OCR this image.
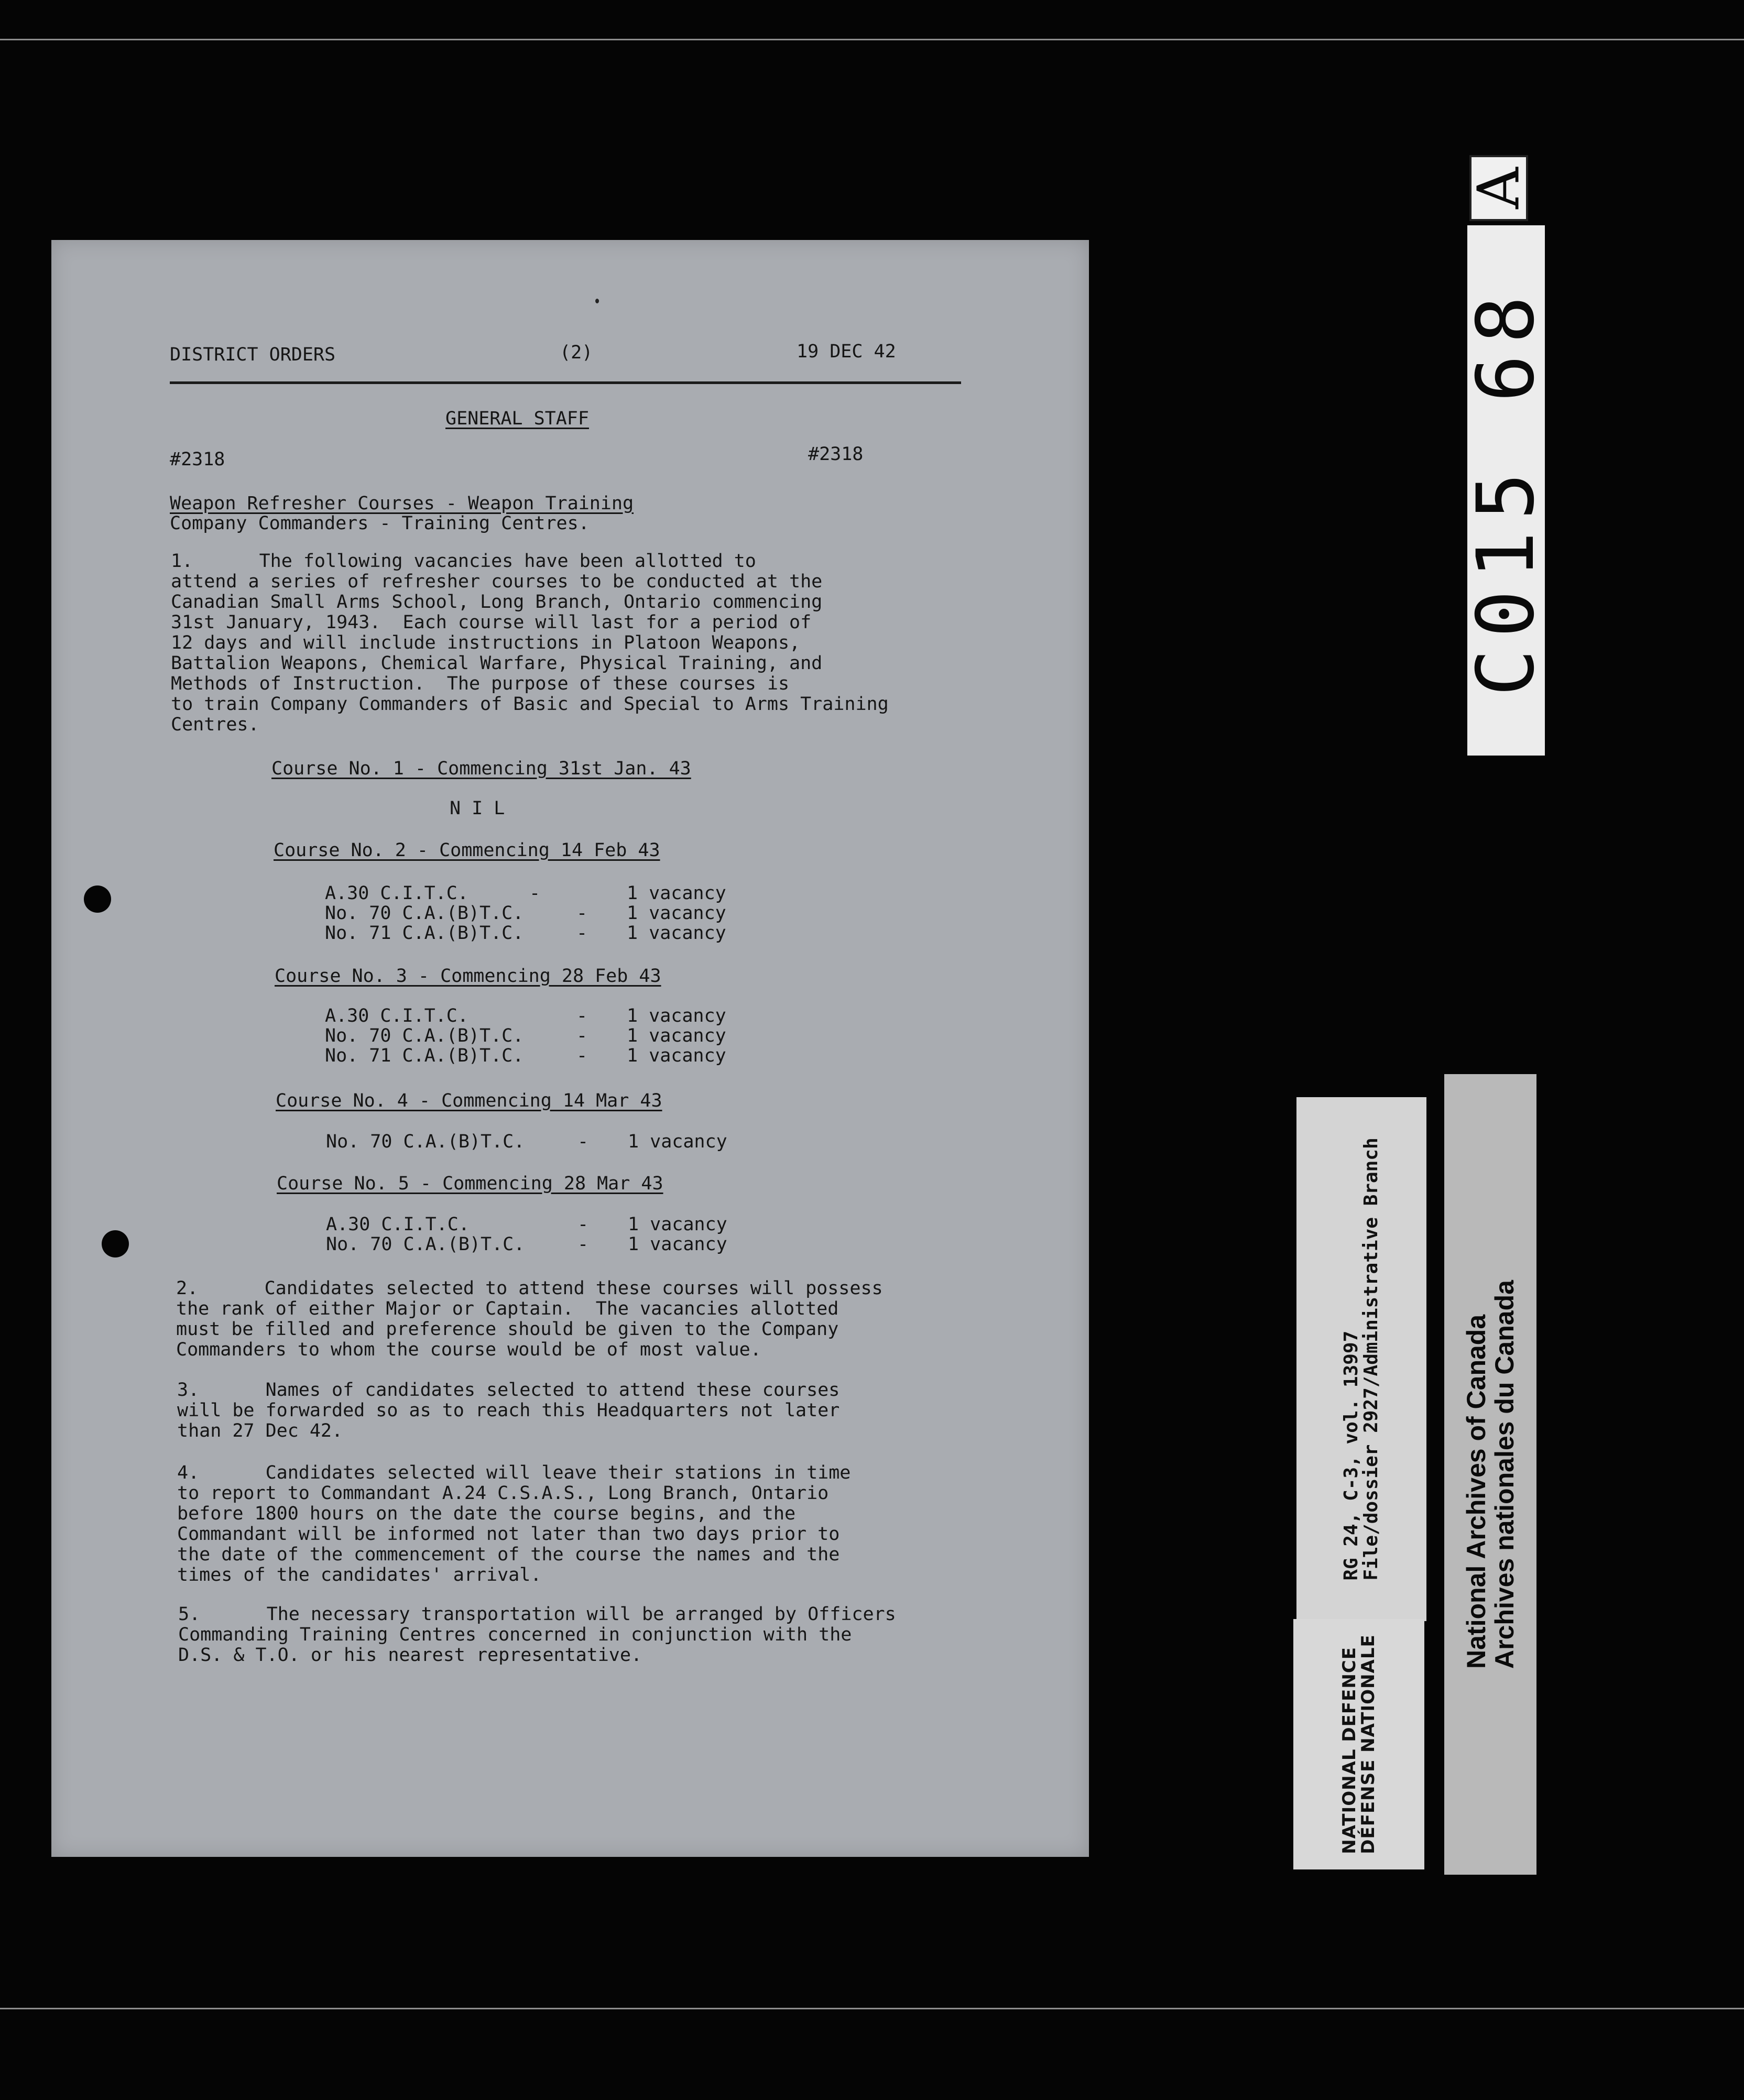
DISTRICT ORDERS	(2)	19 DEC 42
GENERAL STAFF
#2318	#2318
Weapon Refresher Courses - Weapon Training
Company Commanders - Training Centres.

1.      The following vacancies have been allotted to

attend a series of refresher courses to be conducted at the

Canadian Small Arms School, Long Branch, Ontario commencing

31st January, 1943.  Each course will last for a period of

12 days and will include instructions in Platoon Weapons,

Battalion Weapons, Chemical Warfare, Physical Training, and

Methods of Instruction.  The purpose of these courses is

to train Company Commanders of Basic and Special to Arms Training

Centres.

Course No. 1 - Commencing 31st Jan. 43
N I L
Course No. 2 - Commencing 14 Feb 43
A.30 C.I.T.C.	-	1 vacancy
No. 70 C.A.(B)T.C.	- 1 vacancy
No. 71 C.A.(B)T.C.	- 1 vacancy
Course No. 3 - Commencing 28 Feb 43
A.30 C.I.T.C.	- 1 vacancy
No. 70 C.A.(B)T.C.	- 1 vacancy
No. 71 C.A.(B)T.C.	- 1 vacancy
Course No. 4 - Commencing 14 Mar 43
No. 70 C.A.(B)T.C.	- 1 vacancy
Course No. 5 - Commencing 28 Mar 43
A.30 C.I.T.C.	- 1 vacancy
No. 70 C.A.(B)T.C.	- 1 vacancy

2.      Candidates selected to attend these courses will possess

the rank of either Major or Captain.  The vacancies allotted

must be filled and preference should be given to the Company

Commanders to whom the course would be of most value.

3.      Names of candidates selected to attend these courses

will be forwarded so as to reach this Headquarters not later

than 27 Dec 42.

4.      Candidates selected will leave their stations in time

to report to Commandant A.24 C.S.A.S., Long Branch, Ontario

before 1800 hours on the date the course begins, and the

Commandant will be informed not later than two days prior to

the date of the commencement of the course the names and the

times of the candidates' arrival.

5.      The necessary transportation will be arranged by Officers

Commanding Training Centres concerned in conjunction with the

D.S. & T.O. or his nearest representative.

A
C015 68
RG 24, C-3, vol. 13997
File/dossier 2927/Administrative Branch
NATIONAL DEFENCE
DÉFENSE NATIONALE
National Archives of Canada
Archives nationales du Canada
